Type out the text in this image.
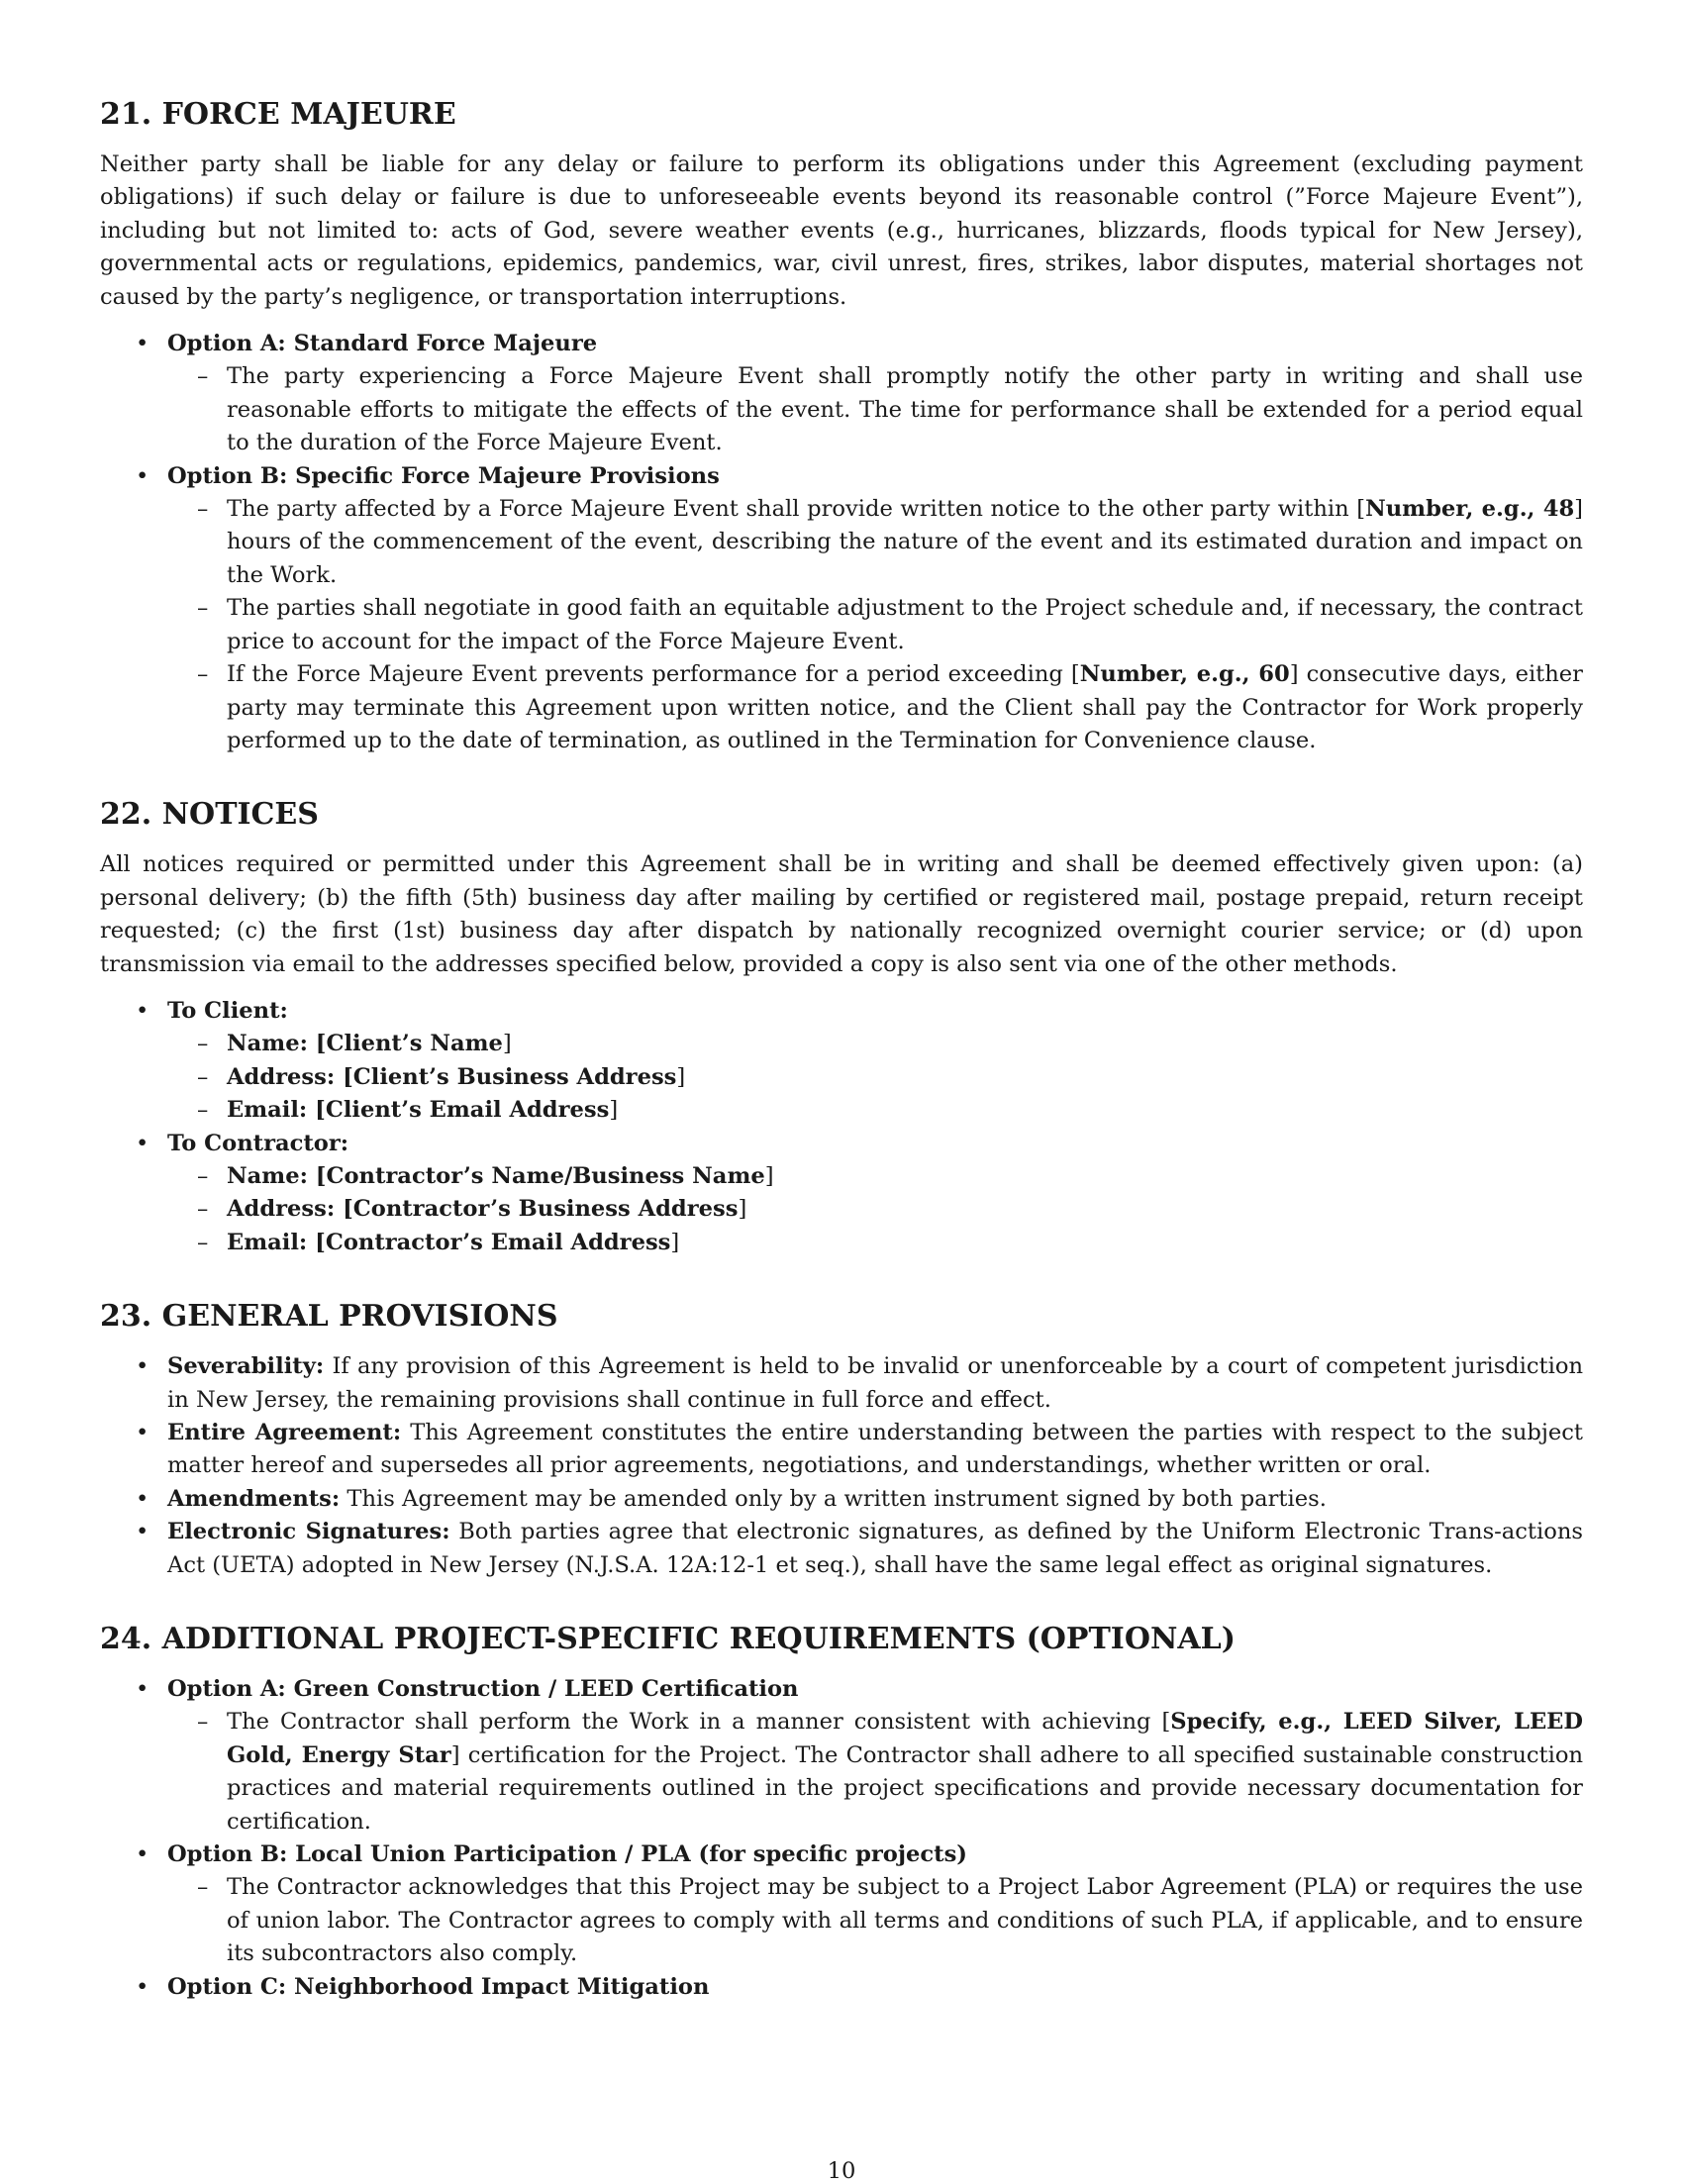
21. FORCE MAJEURE

Neither party shall be liable for any delay or failure to perform its obligations under this Agreement (excluding payment obligations) if such delay or failure is due to unforeseeable events beyond its reasonable control (”Force Majeure Event”), including but not limited to: acts of God, severe weather events (e.g., hurricanes, blizzards, floods typical for New Jersey), governmental acts or regulations, epidemics, pandemics, war, civil unrest, fires, strikes, labor disputes, material shortages not caused by the party’s negligence, or transportation interruptions.

• Option A: Standard Force Majeure
– The party experiencing a Force Majeure Event shall promptly notify the other party in writing and shall use reasonable efforts to mitigate the effects of the event. The time for performance shall be extended for a period equal to the duration of the Force Majeure Event.
• Option B: Specific Force Majeure Provisions
– The party affected by a Force Majeure Event shall provide written notice to the other party within [Number, e.g., 48] hours of the commencement of the event, describing the nature of the event and its estimated duration and impact on the Work.
– The parties shall negotiate in good faith an equitable adjustment to the Project schedule and, if necessary, the contract price to account for the impact of the Force Majeure Event.
– If the Force Majeure Event prevents performance for a period exceeding [Number, e.g., 60] consecutive days, either party may terminate this Agreement upon written notice, and the Client shall pay the Contractor for Work properly performed up to the date of termination, as outlined in the Termination for Convenience clause.
22. NOTICES

All notices required or permitted under this Agreement shall be in writing and shall be deemed effectively given upon: (a) personal delivery; (b) the fifth (5th) business day after mailing by certified or registered mail, postage prepaid, return receipt requested; (c) the first (1st) business day after dispatch by nationally recognized overnight courier service; or (d) upon transmission via email to the addresses specified below, provided a copy is also sent via one of the other methods.

• To Client:
– Name: [Client’s Name]
– Address: [Client’s Business Address]
– Email: [Client’s Email Address]
• To Contractor:
– Name: [Contractor’s Name/Business Name]
– Address: [Contractor’s Business Address]
– Email: [Contractor’s Email Address]
23. GENERAL PROVISIONS
• Severability: If any provision of this Agreement is held to be invalid or unenforceable by a court of competent jurisdiction in New Jersey, the remaining provisions shall continue in full force and effect.
• Entire Agreement: This Agreement constitutes the entire understanding between the parties with respect to the subject matter hereof and supersedes all prior agreements, negotiations, and understandings, whether written or oral.
• Amendments: This Agreement may be amended only by a written instrument signed by both parties.
• Electronic Signatures: Both parties agree that electronic signatures, as defined by the Uniform Electronic Trans-actions Act (UETA) adopted in New Jersey (N.J.S.A. 12A:12-1 et seq.), shall have the same legal effect as original signatures.
24. ADDITIONAL PROJECT-SPECIFIC REQUIREMENTS (OPTIONAL)
• Option A: Green Construction / LEED Certification
– The Contractor shall perform the Work in a manner consistent with achieving [Specify, e.g., LEED Silver, LEED Gold, Energy Star] certification for the Project. The Contractor shall adhere to all specified sustainable construction practices and material requirements outlined in the project specifications and provide necessary documentation for certification.
• Option B: Local Union Participation / PLA (for specific projects)
– The Contractor acknowledges that this Project may be subject to a Project Labor Agreement (PLA) or requires the use of union labor. The Contractor agrees to comply with all terms and conditions of such PLA, if applicable, and to ensure its subcontractors also comply.
• Option C: Neighborhood Impact Mitigation
10
